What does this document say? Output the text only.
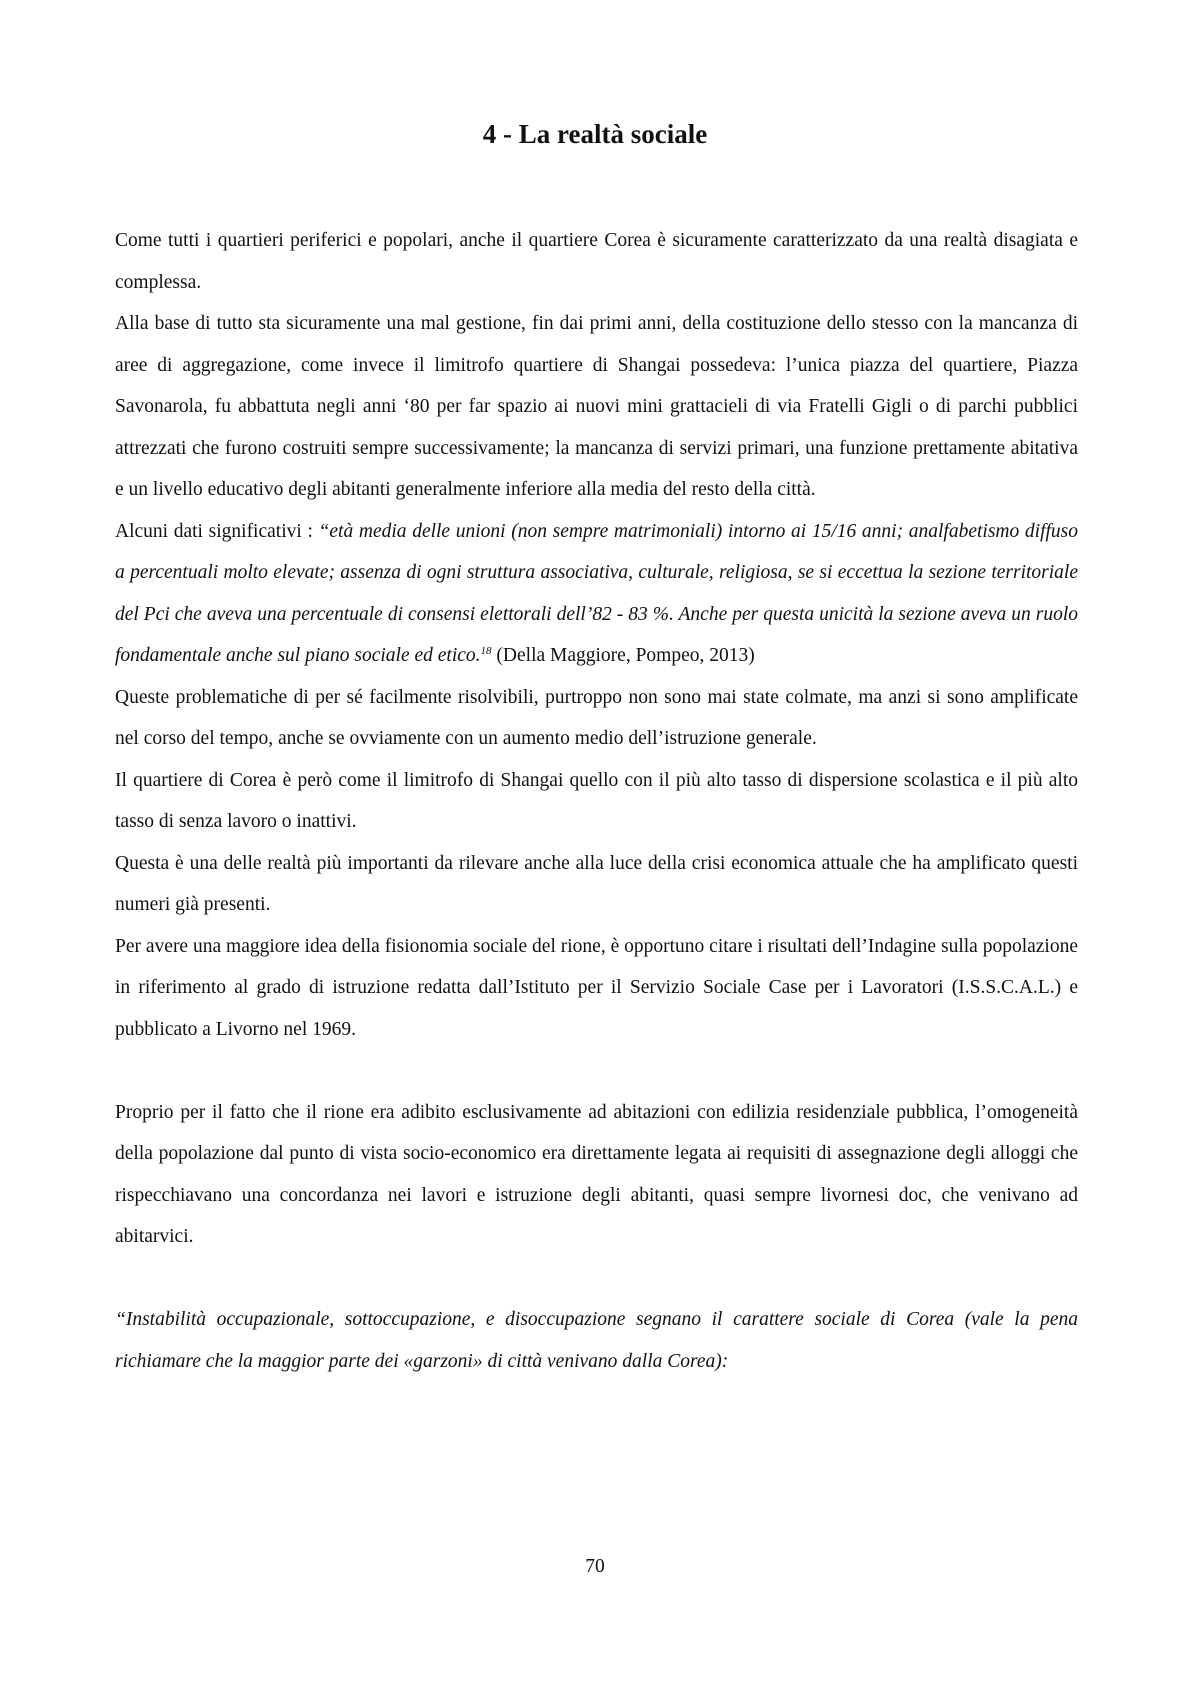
4 - La realtà sociale

Come tutti i quartieri periferici e popolari, anche il quartiere Corea è sicuramente caratterizzato da una realtà disagiata e complessa.

Alla base di tutto sta sicuramente una mal gestione, fin dai primi anni, della costituzione dello stesso con la mancanza di aree di aggregazione, come invece il limitrofo quartiere di Shangai possedeva: l’unica piazza del quartiere, Piazza Savonarola, fu abbattuta negli anni ‘80 per far spazio ai nuovi mini grattacieli di via Fratelli Gigli o di parchi pubblici attrezzati che furono costruiti sempre successivamente; la mancanza di servizi primari, una funzione prettamente abitativa e un livello educativo degli abitanti generalmente inferiore alla media del resto della città.

Alcuni dati significativi : “età media delle unioni (non sempre matrimoniali) intorno ai 15/16 anni; analfabetismo diffuso a percentuali molto elevate; assenza di ogni struttura associativa, culturale, religiosa, se si eccettua la sezione territoriale del Pci che aveva una percentuale di consensi elettorali dell’82 - 83 %. Anche per questa unicità la sezione aveva un ruolo fondamentale anche sul piano sociale ed etico.$^{18}$ (Della Maggiore, Pompeo, 2013)

Queste problematiche di per sé facilmente risolvibili, purtroppo non sono mai state colmate, ma anzi si sono amplificate nel corso del tempo, anche se ovviamente con un aumento medio dell’istruzione generale.

Il quartiere di Corea è però come il limitrofo di Shangai quello con il più alto tasso di dispersione scolastica e il più alto tasso di senza lavoro o inattivi.

Questa è una delle realtà più importanti da rilevare anche alla luce della crisi economica attuale che ha amplificato questi numeri già presenti.

Per avere una maggiore idea della fisionomia sociale del rione, è opportuno citare i risultati dell’Indagine sulla popolazione in riferimento al grado di istruzione redatta dall’Istituto per il Servizio Sociale Case per i Lavoratori (I.S.S.C.A.L.) e pubblicato a Livorno nel 1969.

Proprio per il fatto che il rione era adibito esclusivamente ad abitazioni con edilizia residenziale pubblica, l’omogeneità della popolazione dal punto di vista socio-economico era direttamente legata ai requisiti di assegnazione degli alloggi che rispecchiavano una concordanza nei lavori e istruzione degli abitanti, quasi sempre livornesi doc, che venivano ad abitarvici.

“Instabilità occupazionale, sottoccupazione, e disoccupazione segnano il carattere sociale di Corea (vale la pena richiamare che la maggior parte dei «garzoni» di città venivano dalla Corea):

70
